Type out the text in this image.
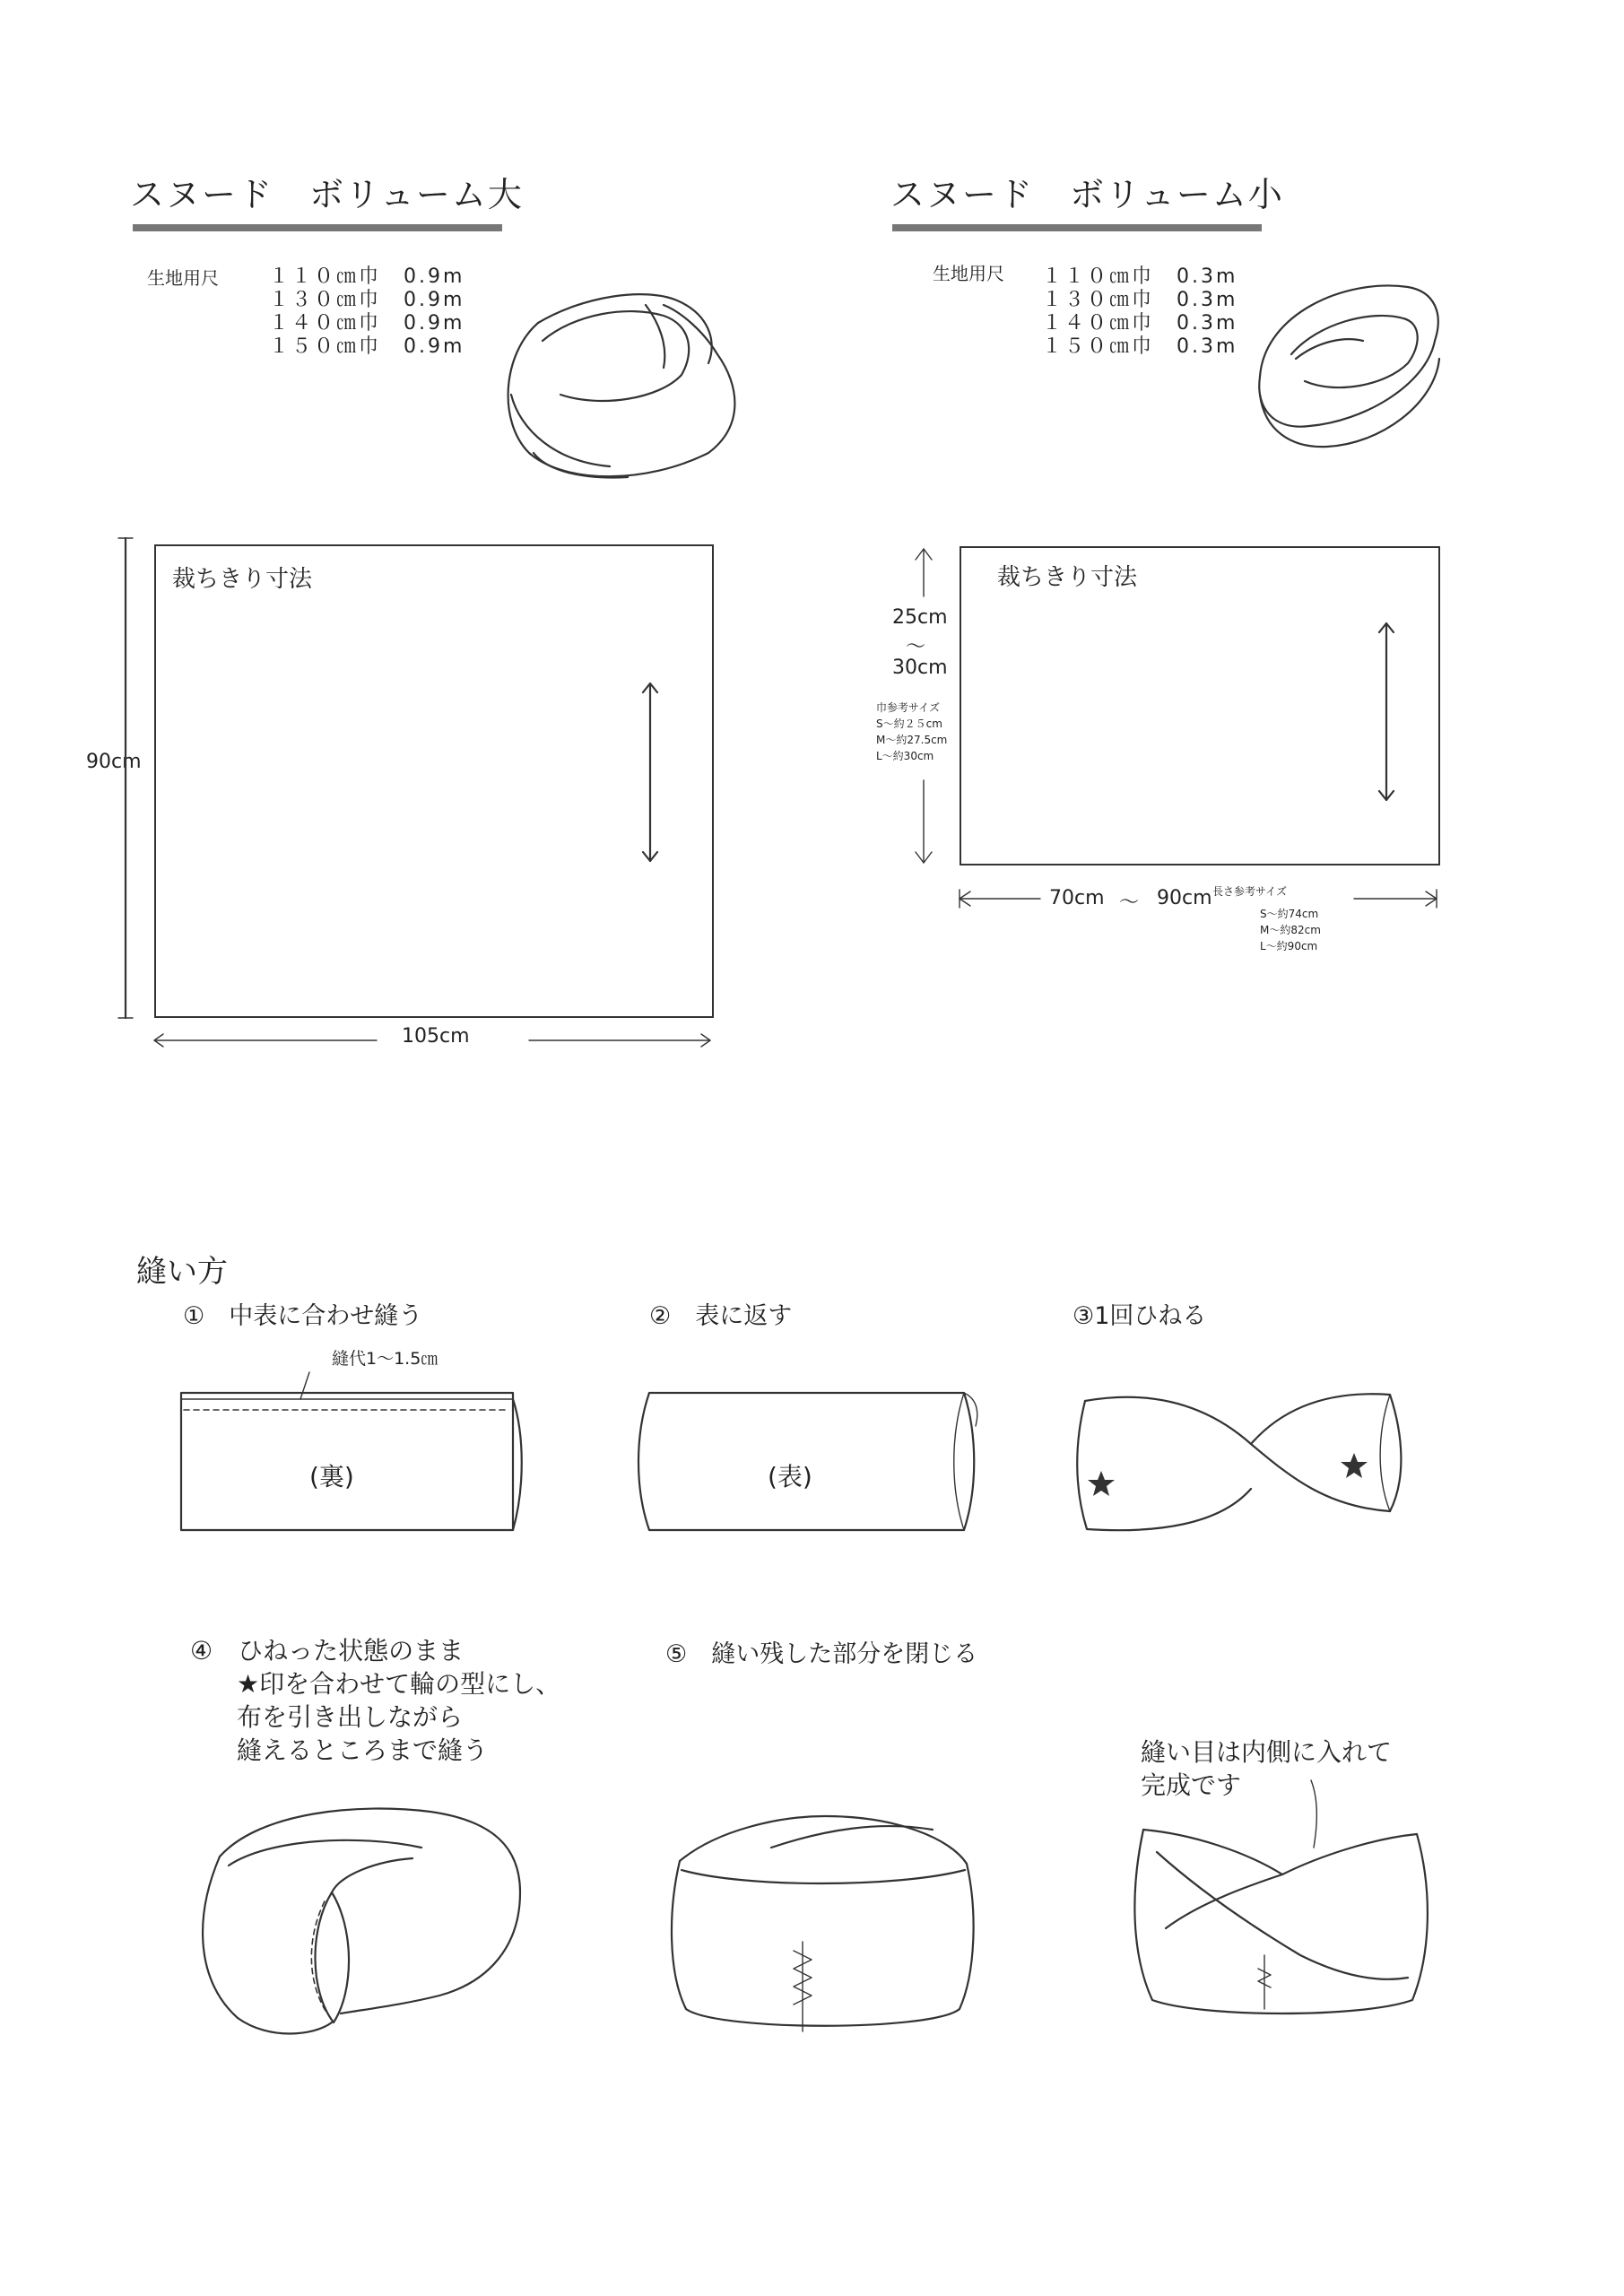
スヌード　ボリューム大
生地用尺	１１０㎝巾　0.9m
１３０㎝巾　0.9m
１４０㎝巾　0.9m
１５０㎝巾　0.9m
裁ちきり寸法
90cm
105cm
スヌード　ボリューム小
生地用尺 １１０㎝巾　0.3m
１３０㎝巾　0.3m
１４０㎝巾　0.3m
１５０㎝巾　0.3m
裁ちきり寸法
25cm
～
30cm
巾参考サイズ
S～約２５cm
M～約27.5cm
L～約30cm
70cm ～ 90cm 長さ参考サイズ
S～約74cm
M～約82cm
L～約90cm
縫い方
①　中表に合わせ縫う
縫代1～1.5㎝
(裏)
②　表に返す
(表)
③1回ひねる
④　ひねった状態のまま
★印を合わせて輪の型にし、
布を引き出しながら
縫えるところまで縫う
⑤　縫い残した部分を閉じる
縫い目は内側に入れて
完成です
